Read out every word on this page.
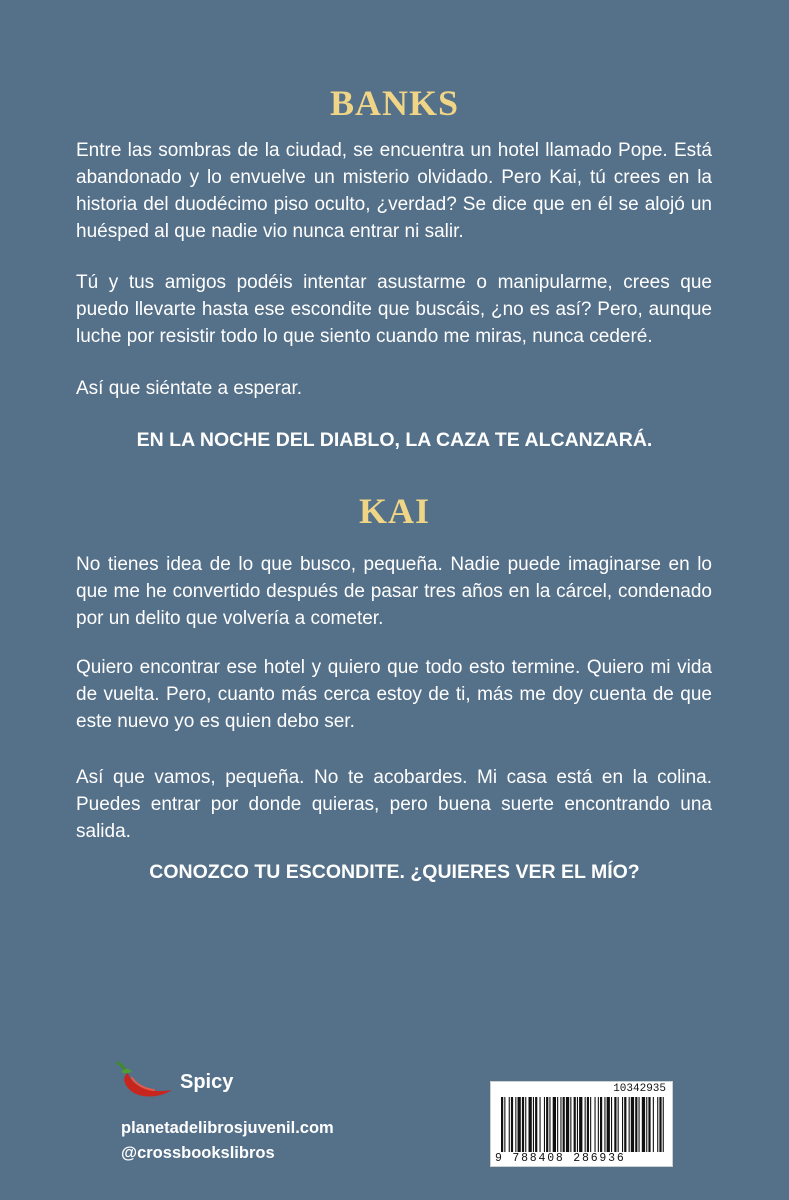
BANKS

Entre las sombras de la ciudad, se encuentra un hotel llamado Pope. Está abandonado y lo envuelve un misterio olvidado. Pero Kai, tú crees en la historia del duodécimo piso oculto, ¿verdad? Se dice que en él se alojó un huésped al que nadie vio nunca entrar ni salir.

Tú y tus amigos podéis intentar asustarme o manipularme, crees que puedo llevarte hasta ese escondite que buscáis, ¿no es así? Pero, aunque luche por resistir todo lo que siento cuando me miras, nunca cederé.

Así que siéntate a esperar.

EN LA NOCHE DEL DIABLO, LA CAZA TE ALCANZARÁ.

KAI

No tienes idea de lo que busco, pequeña. Nadie puede imaginarse en lo que me he convertido después de pasar tres años en la cárcel, condenado por un delito que volvería a cometer.

Quiero encontrar ese hotel y quiero que todo esto termine. Quiero mi vida de vuelta. Pero, cuanto más cerca estoy de ti, más me doy cuenta de que este nuevo yo es quien debo ser.

Así que vamos, pequeña. No te acobardes. Mi casa está en la colina. Puedes entrar por donde quieras, pero buena suerte encontrando una salida.

CONOZCO TU ESCONDITE. ¿QUIERES VER EL MÍO?

Spicy
planetadelibrosjuvenil.com
@crossbookslibros
10342935
9 788408 286936
